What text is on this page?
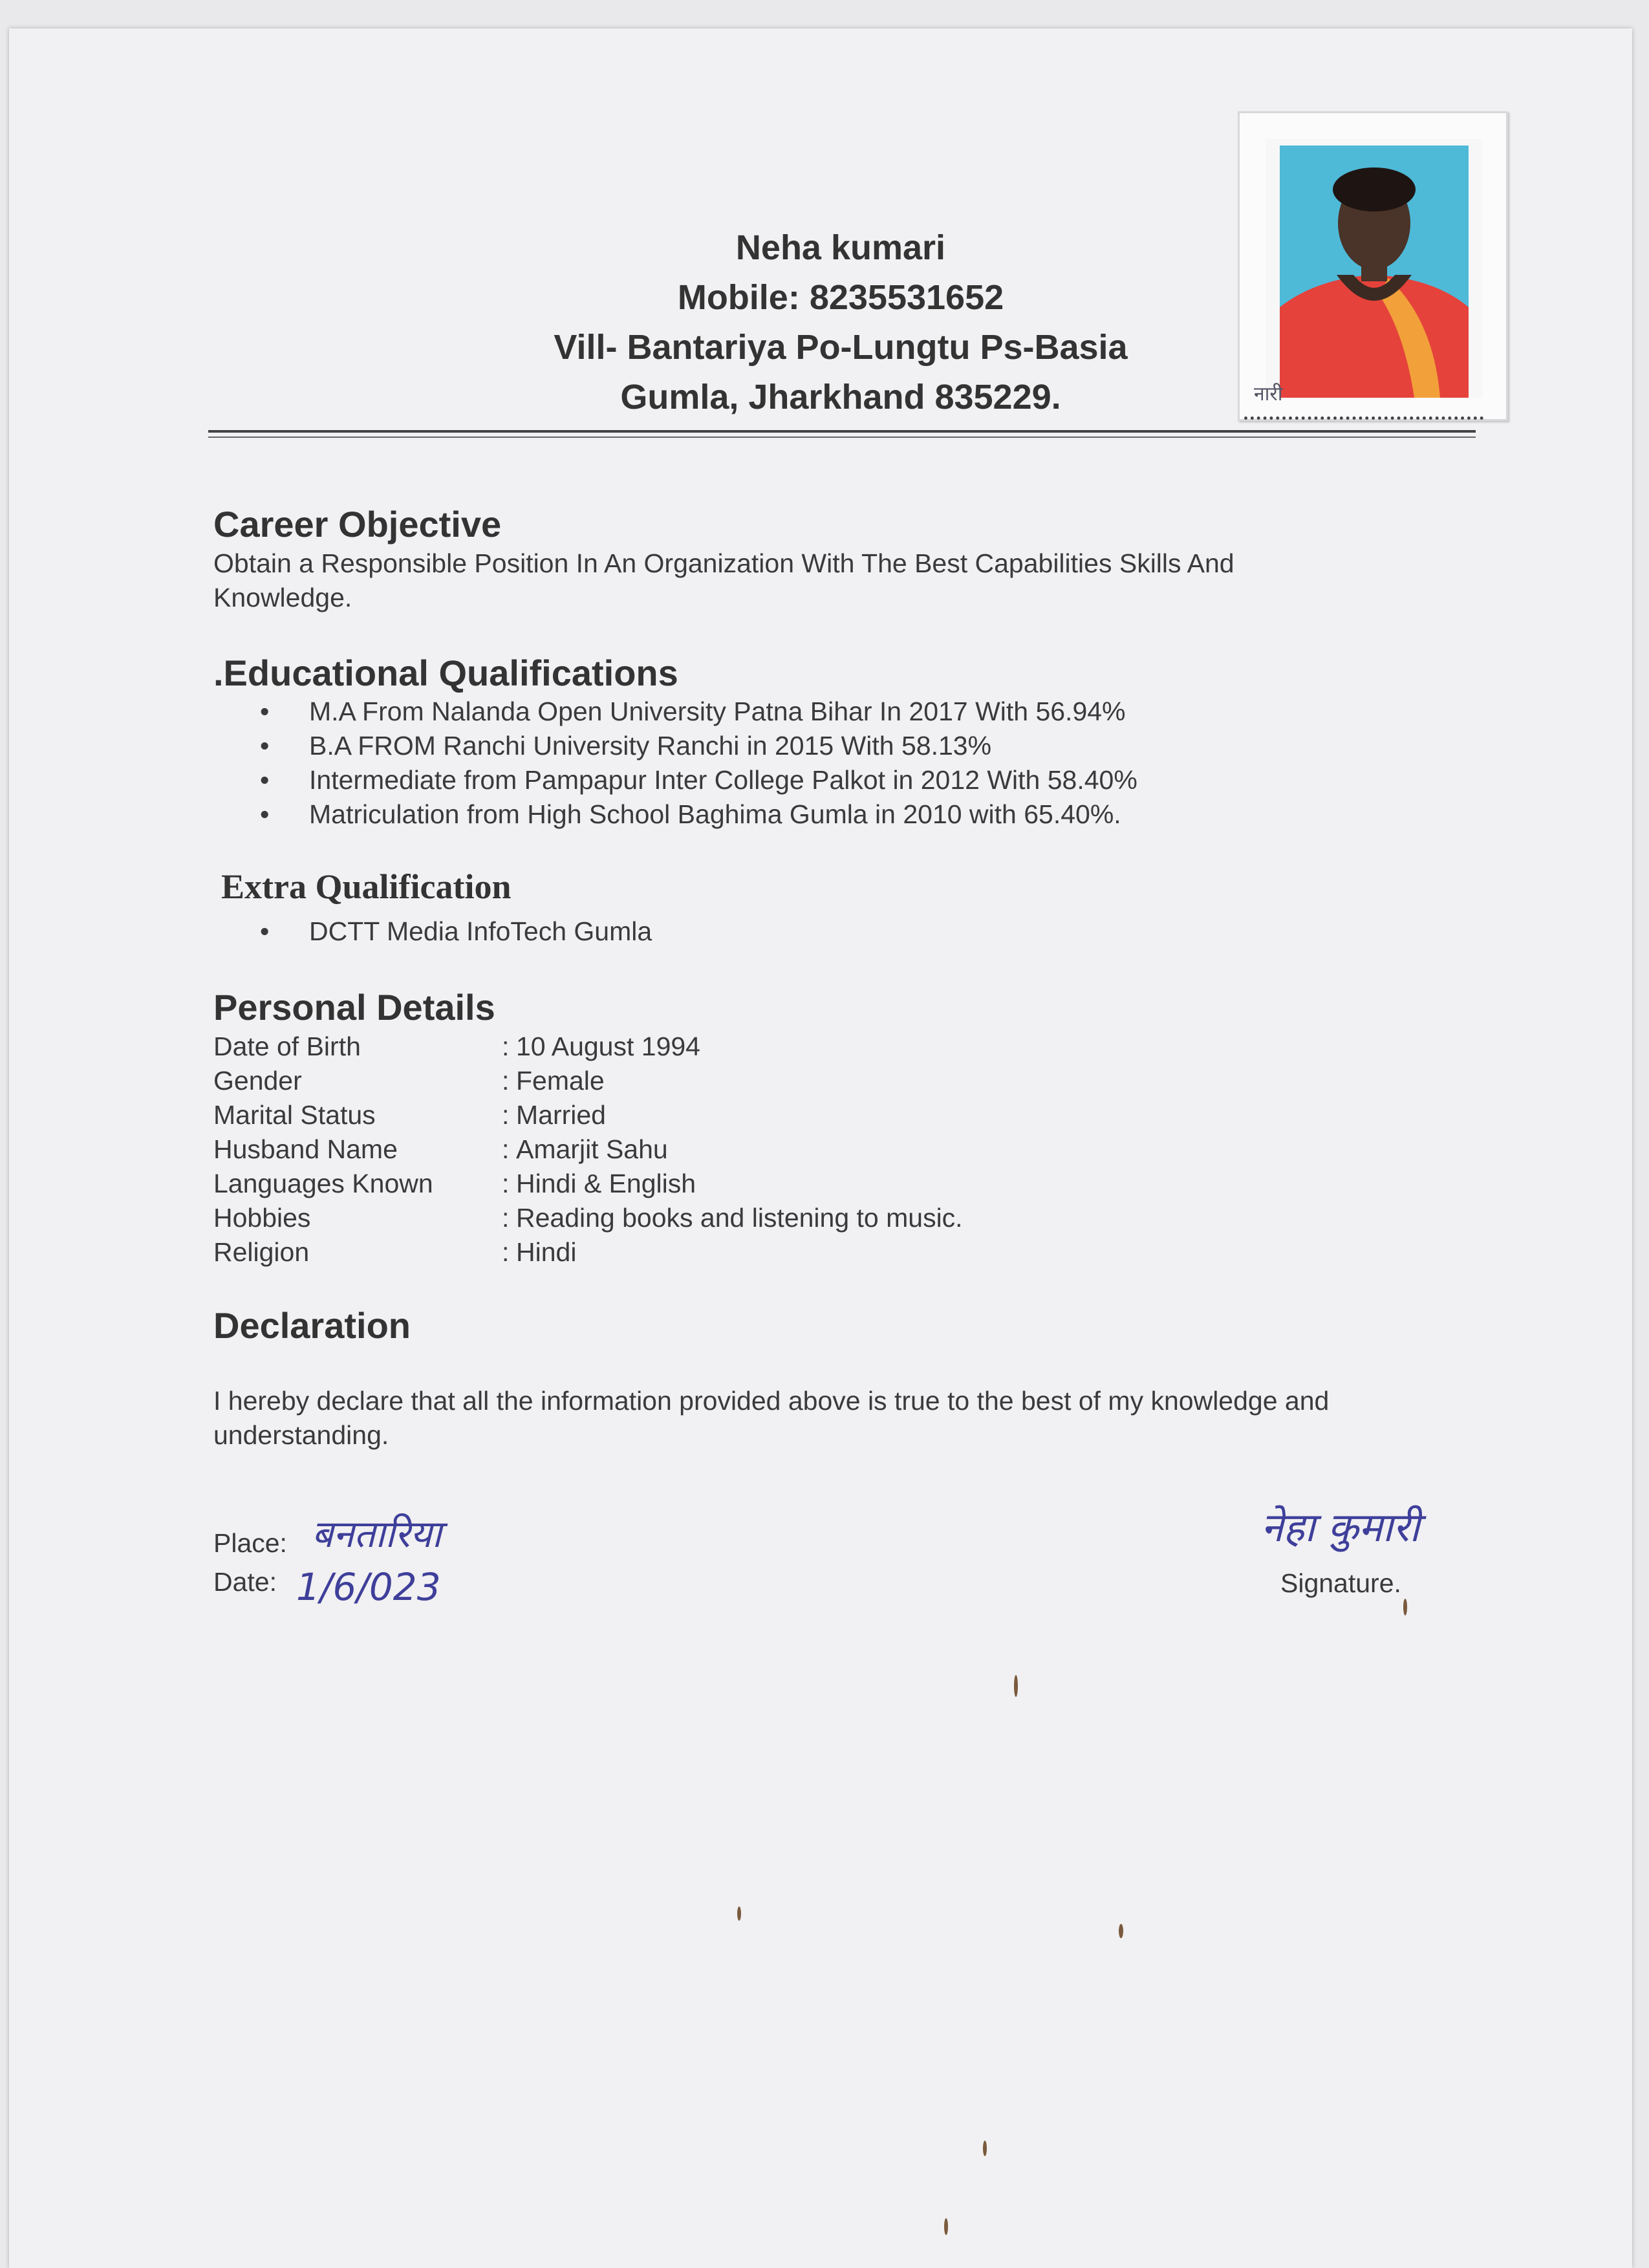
Neha kumari

Mobile: 8235531652

Vill- Bantariya Po-Lungtu Ps-Basia

Gumla, Jharkhand 835229.	नारी
Career Objective

Obtain a Responsible Position In An Organization With The Best Capabilities Skills And

Knowledge.

.Educational Qualifications
• M.A From Nalanda Open University Patna Bihar In 2017 With 56.94%
• B.A FROM Ranchi University Ranchi in 2015 With 58.13%
• Intermediate from Pampapur Inter College Palkot in 2012 With 58.40%
• Matriculation from High School Baghima Gumla in 2010 with 65.40%.
Extra Qualification
• DCTT Media InfoTech Gumla
Personal Details
Date of Birth	: 10 August 1994
Gender	: Female
Marital Status	: Married
Husband Name	: Amarjit Sahu
Languages Known	: Hindi & English
Hobbies	: Reading books and listening to music.
Religion	: Hindi
Declaration

I hereby declare that all the information provided above is true to the best of my knowledge and

understanding.

Place: बनतारिया

Date: 1/6/023

नेहा कुमारी

Signature.
